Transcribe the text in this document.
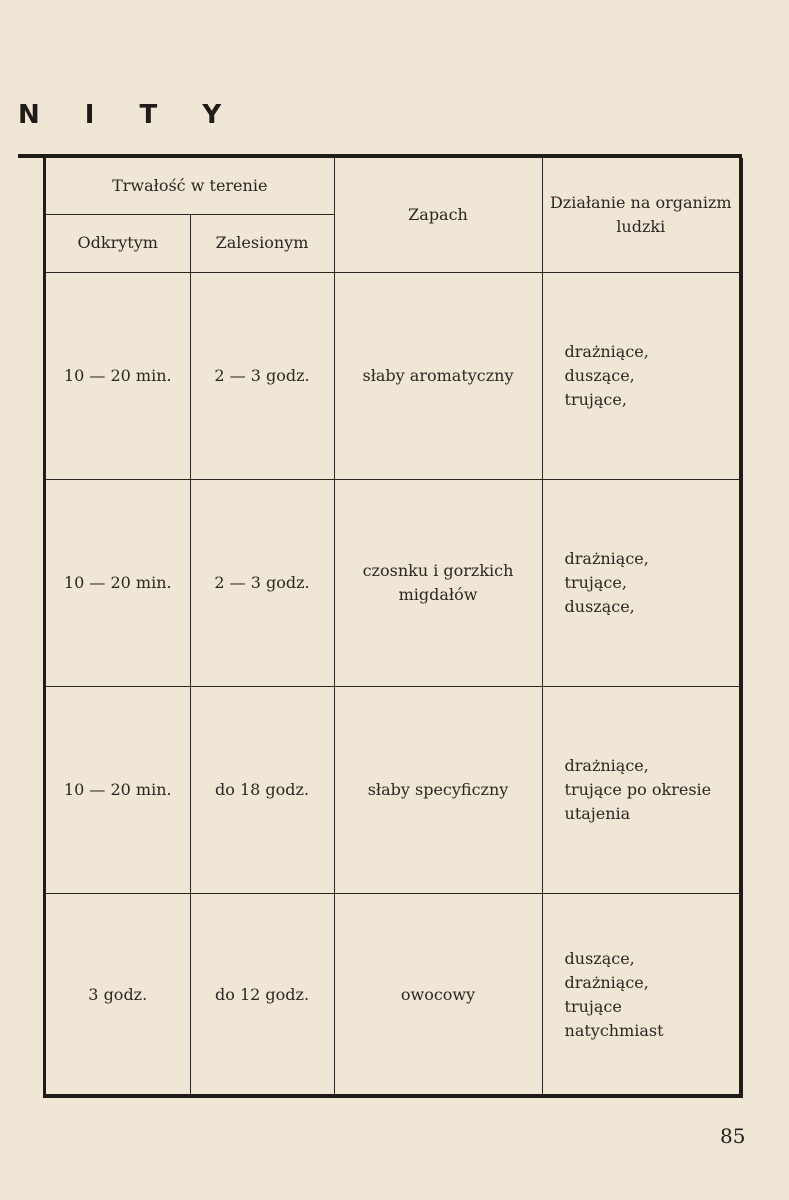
N I T Y
Trwałość w terenie		Zapach	Działanie na organizm ludzki
Odkrytym	Zalesionym		
10 — 20 min.	2 — 3 godz.	słaby aromatyczny	drażniące,
duszące,
trujące,

10 — 20 min.	2 — 3 godz.	czosnku i gorzkich migdałów	drażniące,
trujące,
duszące,

10 — 20 min.	do 18 godz.	słaby specyficzny	drażniące,
trujące po okresie
utajenia

3 godz.	do 12 godz.	owocowy	duszące,
drażniące,
trujące
natychmiast
85
